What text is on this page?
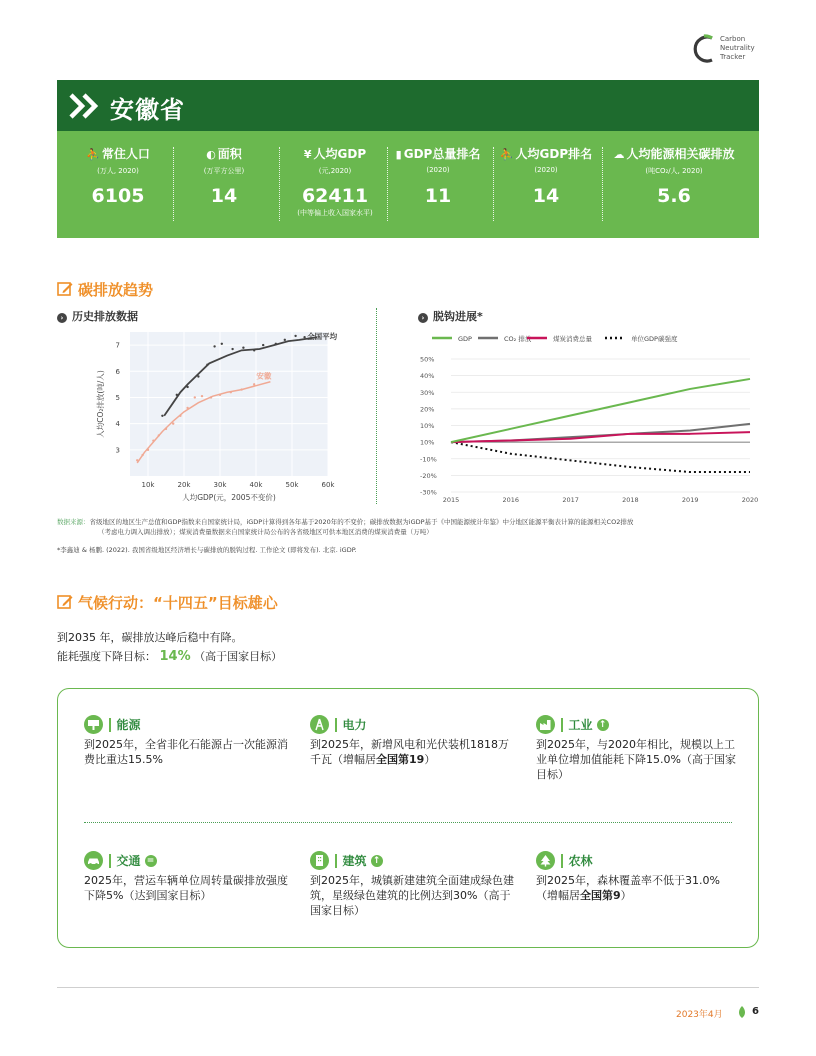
Carbon
Neutrality
Tracker
安徽省
⛹ 常住人口
(万人, 2020)
6105
◐ 面积
(万平方公里)
14
¥ 人均GDP
(元,2020)
62411
(中等偏上收入国家水平)
▮ GDP总量排名
(2020)
11
⛹ 人均GDP排名
(2020)
14
☁ 人均能源相关碳排放
(吨CO₂/人, 2020)
5.6
碳排放趋势
› 历史排放数据	› 脱钩进展*
10k	20k	30k	40k	50k	60k
3
4
5
6
7
人均GDP(元，2005不变价)
人均CO₂排放(吨/人)
全国平均
安徽
GDP	CO₂ 排放	煤炭消费总量	单位GDP碳强度
-30%
-20%
-10%
10%
10%
20%
30%
40%
50%
2015	2016	2017	2018	2019	2020
数据来源：省级地区的地区生产总值和GDP指数来自国家统计局，iGDP计算得到各年基于2020年的不变价；碳排放数据为iGDP基于《中国能源统计年鉴》中分地区能源平衡表计算的能源相关CO2排放
（考虑电力调入调出排放）；煤炭消费量数据来自国家统计局公布的各省级地区可供本地区消费的煤炭消费量（万吨）
*李鑫迪 & 杨鹏. (2022). 我国省级地区经济增长与碳排放的脱钩过程. 工作论文 (即将发布). 北京. iGDP.
气候行动：“十四五”目标雄心
到2035 年，碳排放达峰后稳中有降。
能耗强度下降目标： 14% （高于国家目标）
能源
到2025年，全省非化石能源占一次能源消费比重达15.5%
电力
到2025年，新增风电和光伏装机1818万千瓦（增幅居全国第19）
工业 ↑
到2025年，与2020年相比，规模以上工业单位增加值能耗下降15.0%（高于国家目标）
交通 =
2025年，营运车辆单位周转量碳排放强度下降5%（达到国家目标）
建筑 ↑
到2025年，城镇新建建筑全面建成绿色建筑，星级绿色建筑的比例达到30%（高于国家目标）
农林
到2025年，森林覆盖率不低于31.0%（增幅居全国第9）
2023年4月	6
